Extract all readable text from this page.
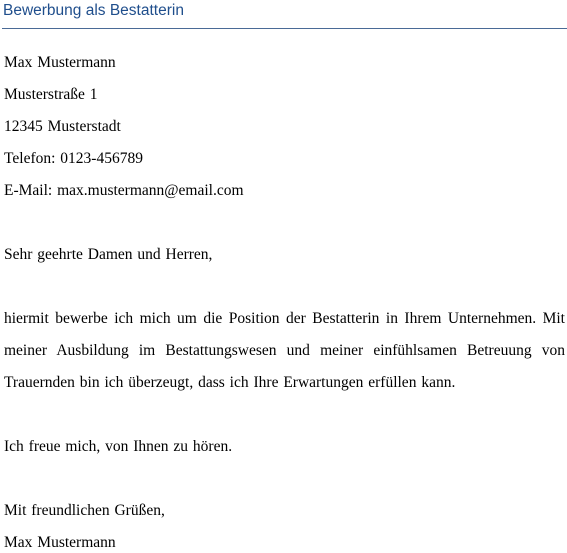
Bewerbung als Bestatterin
Max Mustermann
Musterstraße 1
12345 Musterstadt
Telefon: 0123-456789
E-Mail: max.mustermann@email.com
Sehr geehrte Damen und Herren,
hiermit bewerbe ich mich um die Position der Bestatterin in Ihrem Unternehmen. Mit
meiner Ausbildung im Bestattungswesen und meiner einfühlsamen Betreuung von
Trauernden bin ich überzeugt, dass ich Ihre Erwartungen erfüllen kann.
Ich freue mich, von Ihnen zu hören.
Mit freundlichen Grüßen,
Max Mustermann
